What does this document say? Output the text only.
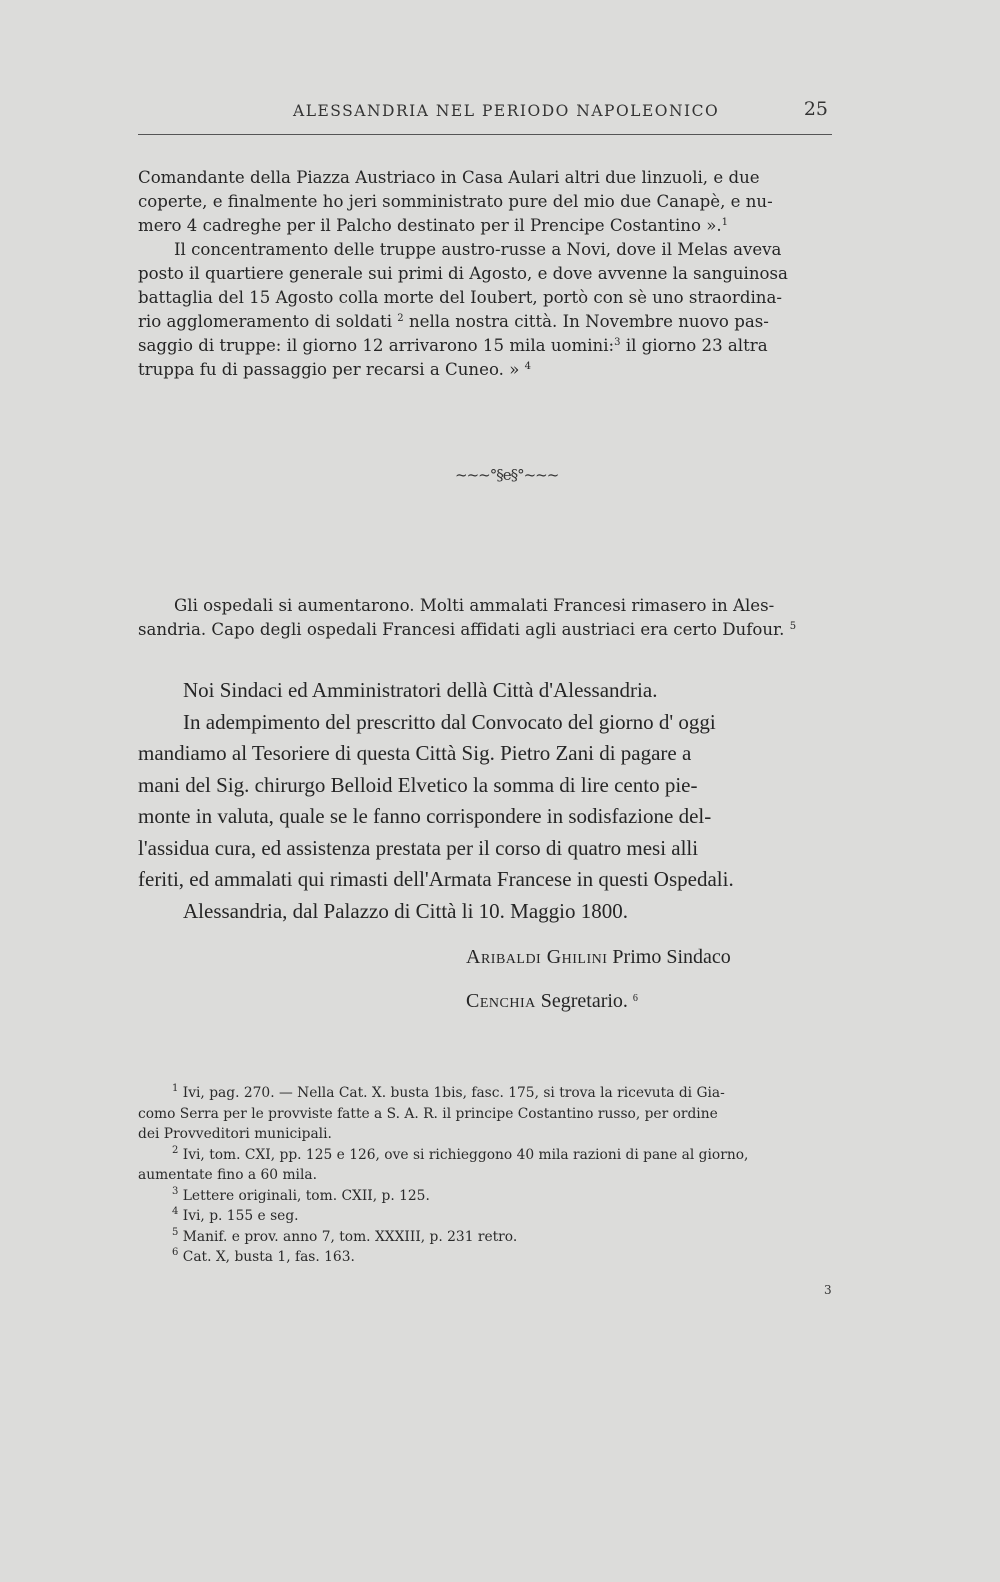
ALESSANDRIA NEL PERIODO NAPOLEONICO	25

Comandante della Piazza Austriaco in Casa Aulari altri due linzuoli, e due

coperte, e finalmente ho jeri somministrato pure del mio due Canapè, e nu-

mero 4 cadreghe per il Palcho destinato per il Prencipe Costantino ».$^1$

Il concentramento delle truppe austro-russe a Novi, dove il Melas aveva

posto il quartiere generale sui primi di Agosto, e dove avvenne la sanguinosa

battaglia del 15 Agosto colla morte del Ioubert, portò con sè uno straordina-

rio agglomeramento di soldati $^2$ nella nostra città. In Novembre nuovo pas-

saggio di truppe: il giorno 12 arrivarono 15 mila uomini:$^3$ il giorno 23 altra

truppa fu di passaggio per recarsi a Cuneo. » $^4$

~~~°§e§°~~~

Gli ospedali si aumentarono. Molti ammalati Francesi rimasero in Ales-

sandria. Capo degli ospedali Francesi affidati agli austriaci era certo Dufour. $^5$

Noi Sindaci ed Amministratori dellà Città d'Alessandria.

In adempimento del prescritto dal Convocato del giorno d' oggi

mandiamo al Tesoriere di questa Città Sig. Pietro Zani di pagare a

mani del Sig. chirurgo Belloid Elvetico la somma di lire cento pie-

monte in valuta, quale se le fanno corrispondere in sodisfazione del-

l'assidua cura, ed assistenza prestata per il corso di quatro mesi alli

feriti, ed ammalati qui rimasti dell'Armata Francese in questi Ospedali.

Alessandria, dal Palazzo di Città li 10. Maggio 1800.

Aribaldi Ghilini Primo Sindaco
Cenchia Segretario. $^6$

$^1$ Ivi, pag. 270. — Nella Cat. X. busta 1bis, fasc. 175, si trova la ricevuta di Gia-

como Serra per le provviste fatte a S. A. R. il principe Costantino russo, per ordine

dei Provveditori municipali.

$^2$ Ivi, tom. CXI, pp. 125 e 126, ove si richieggono 40 mila razioni di pane al giorno,

aumentate fino a 60 mila.

$^3$ Lettere originali, tom. CXII, p. 125.

$^4$ Ivi, p. 155 e seg.

$^5$ Manif. e prov. anno 7, tom. XXXIII, p. 231 retro.

$^6$ Cat. X, busta 1, fas. 163.

3
